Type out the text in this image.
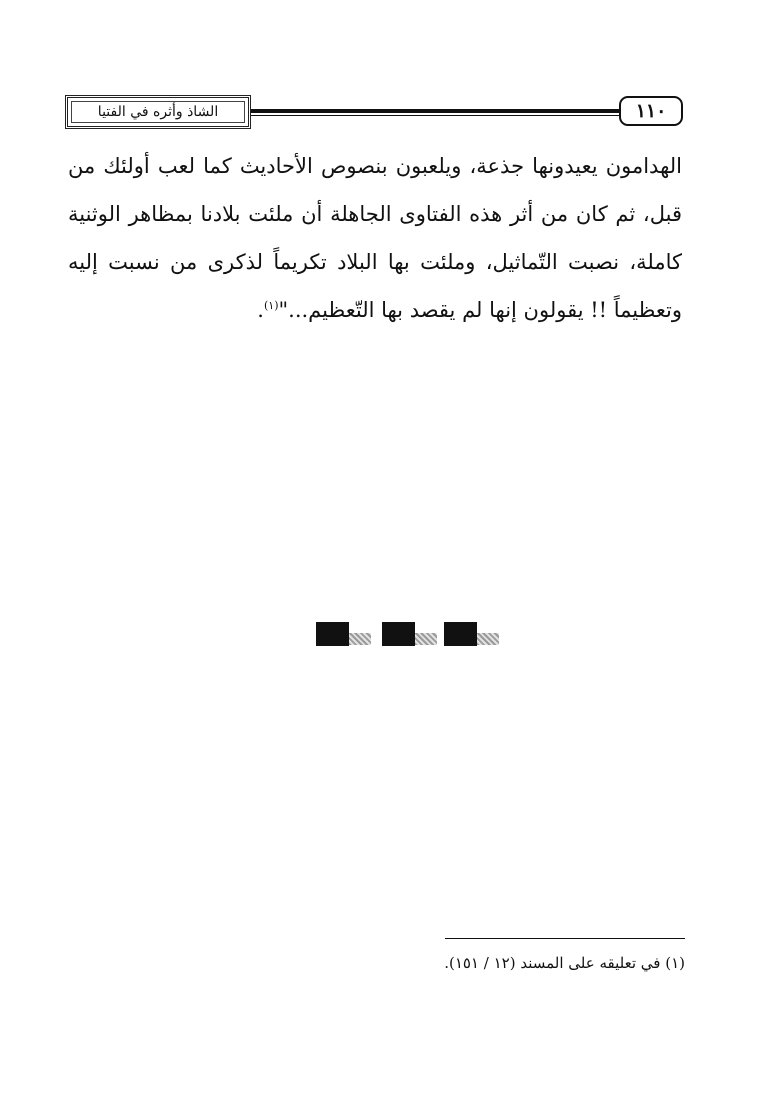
الشاذ وأثره في الفتيا	١١٠
الهدامون يعيدونها جذعة، ويلعبون بنصوص الأحاديث كما لعب أولئك من
قبل، ثم كان من أثر هذه الفتاوى الجاهلة أن ملئت بلادنا بمظاهر الوثنية
كاملة، نصبت التّماثيل، وملئت بها البلاد تكريماً لذكرى من نسبت إليه
وتعظيماً !! يقولون إنها لم يقصد بها التّعظيم..."$^{(١)}$.
(١) في تعليقه على المسند (١٢ / ١٥١).
